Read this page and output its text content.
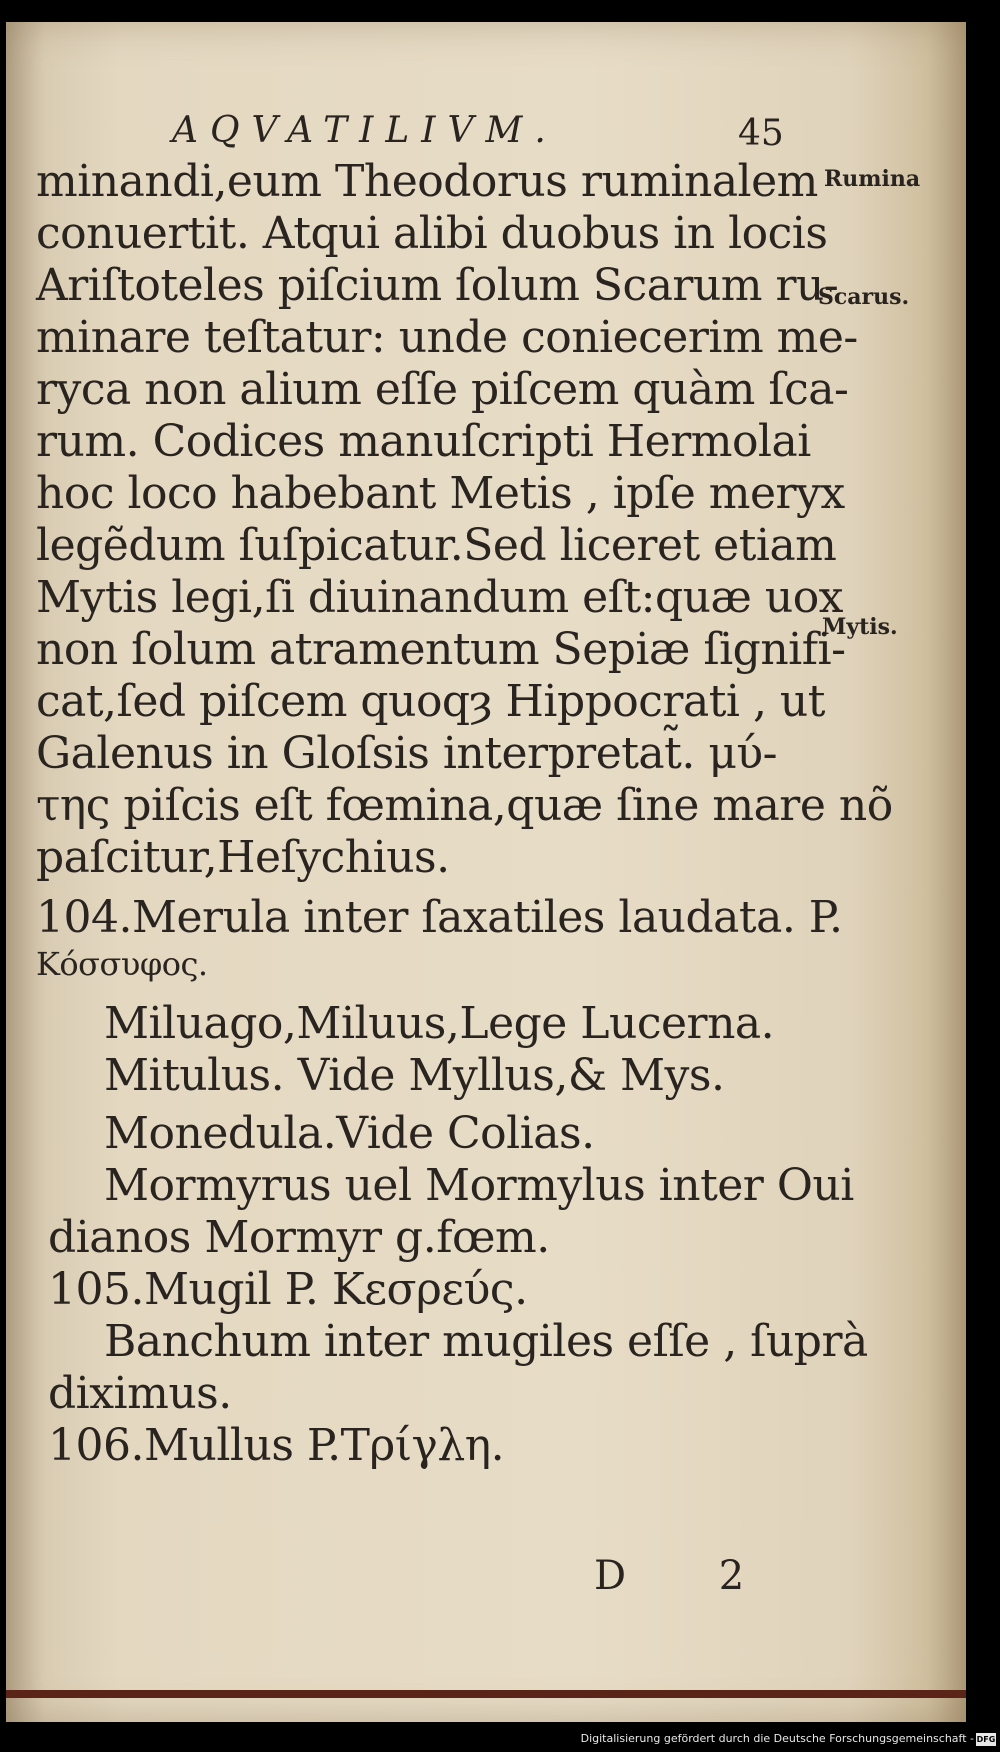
AQVATILIVM.	45
minandi,eum Theodorus ruminalem
conuertit. Atqui alibi duobus in locis
Ariſtoteles piſcium ſolum Scarum ru-
minare teſtatur: unde coniecerim me-
ryca non alium eſſe piſcem quàm ſca-
rum. Codices manuſcripti Hermolai
hoc loco habebant Metis , ipſe meryx
legẽdum ſuſpicatur.Sed liceret etiam
Mytis legi,ſi diuinandum eſt:quæ uox
non ſolum atramentum Sepiæ ſignifi-
cat,ſed piſcem quoqȝ Hippocrati , ut
Galenus in Gloſsis interpretat̃. μύ-
της piſcis eſt fœmina,quæ ſine mare nõ
paſcitur,Heſychius.
104.Merula inter ſaxatiles laudata. P.
Κόσσυφος.
Miluago,Miluus,Lege Lucerna.
Mitulus. Vide Myllus,& Mys.
Monedula.Vide Colias.
Mormyrus uel Mormylus inter Oui
dianos Mormyr g.fœm.
105.Mugil P. Κεσρεύς.
Banchum inter mugiles eſſe , ſuprà
diximus.
106.Mullus P.Τρίγλη.
Rumina
Scarus.
Mytis.
D 2
Digitalisierung gefördert durch die Deutsche Forschungsgemeinschaft - DFG
